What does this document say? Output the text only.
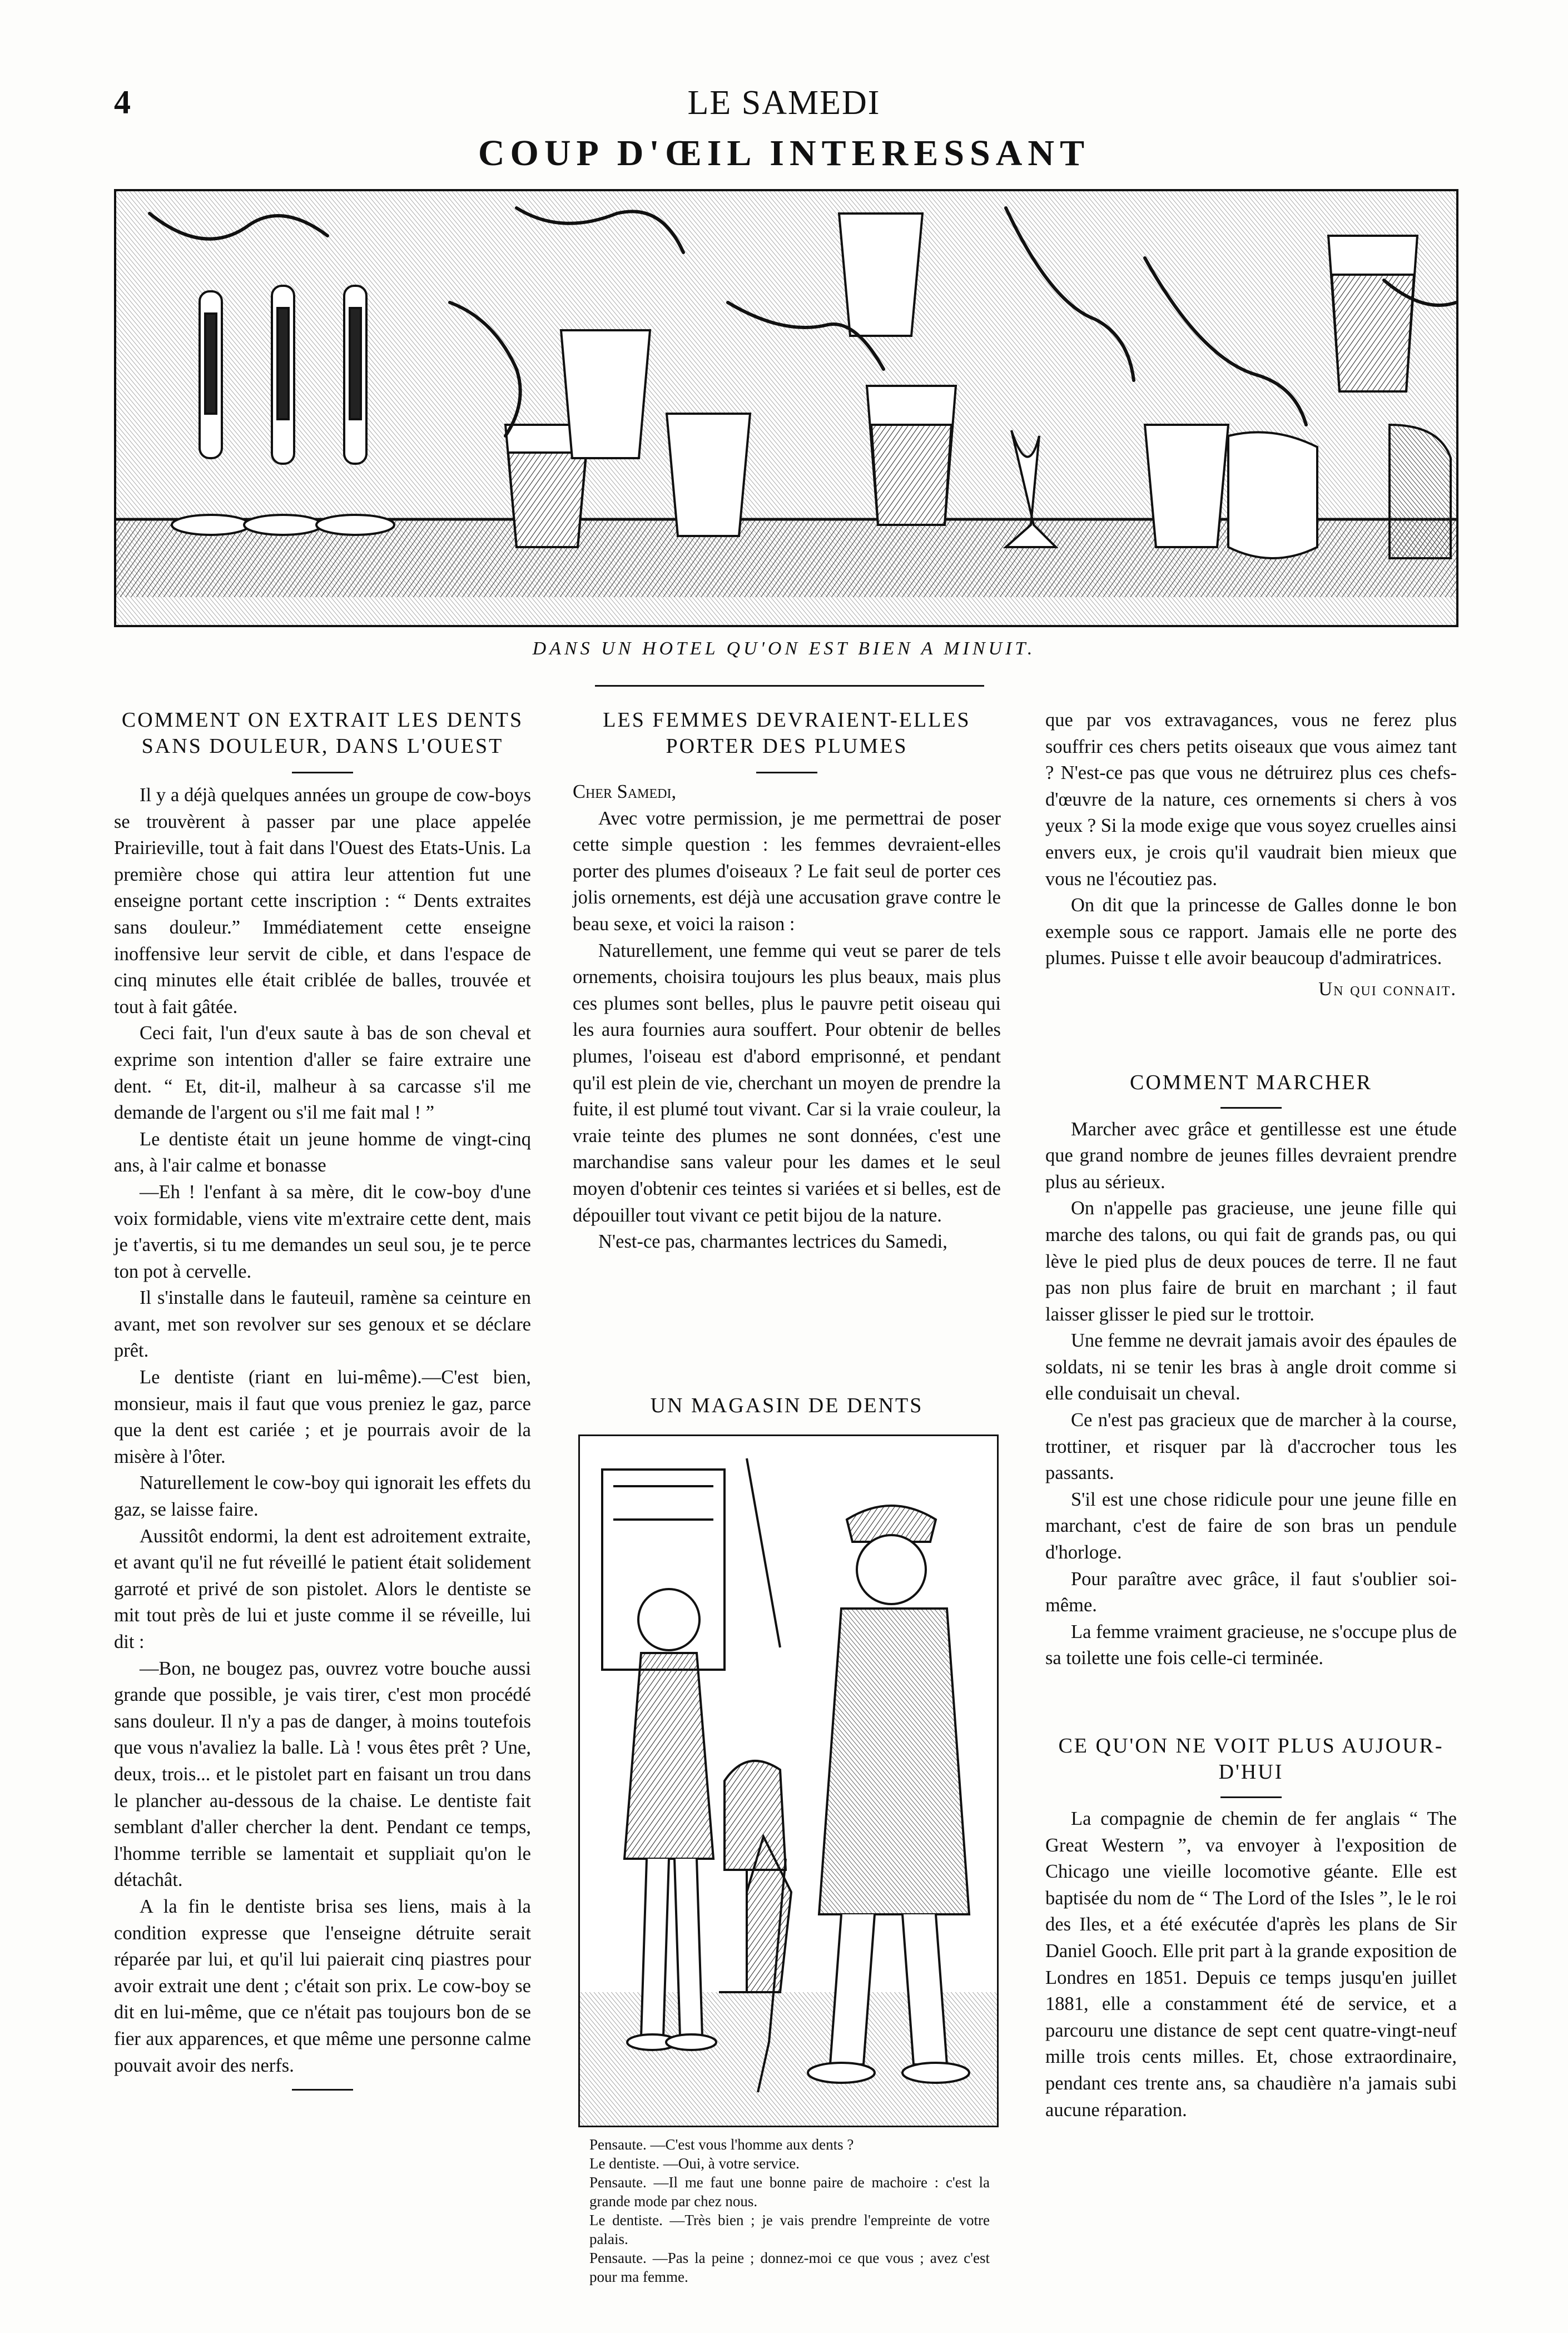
4	LE SAMEDI
COUP D'ŒIL INTERESSANT
DANS UN HOTEL QU'ON EST BIEN A MINUIT.
COMMENT ON EXTRAIT LES DENTS
SANS DOULEUR, DANS L'OUEST

Il y a déjà quelques années un groupe de cow-boys se trouvèrent à passer par une place appelée Prairieville, tout à fait dans l'Ouest des Etats-Unis. La première chose qui attira leur attention fut une enseigne portant cette inscription : “ Dents extraites sans douleur.” Immédiatement cette enseigne inoffensive leur servit de cible, et dans l'espace de cinq minutes elle était criblée de balles, trouvée et tout à fait gâtée.

Ceci fait, l'un d'eux saute à bas de son cheval et exprime son intention d'aller se faire extraire une dent. “ Et, dit-il, malheur à sa carcasse s'il me demande de l'argent ou s'il me fait mal ! ”

Le dentiste était un jeune homme de vingt-cinq ans, à l'air calme et bonasse

—Eh ! l'enfant à sa mère, dit le cow-boy d'une voix formidable, viens vite m'extraire cette dent, mais je t'avertis, si tu me demandes un seul sou, je te perce ton pot à cervelle.

Il s'installe dans le fauteuil, ramène sa ceinture en avant, met son revolver sur ses genoux et se déclare prêt.

Le dentiste (riant en lui-même).—C'est bien, monsieur, mais il faut que vous preniez le gaz, parce que la dent est cariée ; et je pourrais avoir de la misère à l'ôter.

Naturellement le cow-boy qui ignorait les effets du gaz, se laisse faire.

Aussitôt endormi, la dent est adroitement extraite, et avant qu'il ne fut réveillé le patient était solidement garroté et privé de son pistolet. Alors le dentiste se mit tout près de lui et juste comme il se réveille, lui dit :

—Bon, ne bougez pas, ouvrez votre bouche aussi grande que possible, je vais tirer, c'est mon procédé sans douleur. Il n'y a pas de danger, à moins toutefois que vous n'avaliez la balle. Là ! vous êtes prêt ? Une, deux, trois... et le pistolet part en faisant un trou dans le plancher au-dessous de la chaise. Le dentiste fait semblant d'aller chercher la dent. Pendant ce temps, l'homme terrible se lamentait et suppliait qu'on le détachât.

A la fin le dentiste brisa ses liens, mais à la condition expresse que l'enseigne détruite serait réparée par lui, et qu'il lui paierait cinq piastres pour avoir extrait une dent ; c'était son prix. Le cow-boy se dit en lui-même, que ce n'était pas toujours bon de se fier aux apparences, et que même une personne calme pouvait avoir des nerfs.

LES FEMMES DEVRAIENT-ELLES
PORTER DES PLUMES

Cher Samedi,

Avec votre permission, je me permettrai de poser cette simple question : les femmes devraient-elles porter des plumes d'oiseaux ? Le fait seul de porter ces jolis ornements, est déjà une accusation grave contre le beau sexe, et voici la raison :

Naturellement, une femme qui veut se parer de tels ornements, choisira toujours les plus beaux, mais plus ces plumes sont belles, plus le pauvre petit oiseau qui les aura fournies aura souffert. Pour obtenir de belles plumes, l'oiseau est d'abord emprisonné, et pendant qu'il est plein de vie, cherchant un moyen de prendre la fuite, il est plumé tout vivant. Car si la vraie couleur, la vraie teinte des plumes ne sont données, c'est une marchandise sans valeur pour les dames et le seul moyen d'obtenir ces teintes si variées et si belles, est de dépouiller tout vivant ce petit bijou de la nature.

N'est-ce pas, charmantes lectrices du Samedi,

UN MAGASIN DE DENTS

Pensaute. —C'est vous l'homme aux dents ?

Le dentiste. —Oui, à votre service.

Pensaute. —Il me faut une bonne paire de machoire : c'est la grande mode par chez nous.

Le dentiste. —Très bien ; je vais prendre l'empreinte de votre palais.

Pensaute. —Pas la peine ; donnez-moi ce que vous ; avez c'est pour ma femme.

que par vos extravagances, vous ne ferez plus souffrir ces chers petits oiseaux que vous aimez tant ? N'est-ce pas que vous ne détruirez plus ces chefs-d'œuvre de la nature, ces ornements si chers à vos yeux ? Si la mode exige que vous soyez cruelles ainsi envers eux, je crois qu'il vaudrait bien mieux que vous ne l'écoutiez pas.

On dit que la princesse de Galles donne le bon exemple sous ce rapport. Jamais elle ne porte des plumes. Puisse t elle avoir beaucoup d'admiratrices.

Un qui connait.

COMMENT MARCHER

Marcher avec grâce et gentillesse est une étude que grand nombre de jeunes filles devraient prendre plus au sérieux.

On n'appelle pas gracieuse, une jeune fille qui marche des talons, ou qui fait de grands pas, ou qui lève le pied plus de deux pouces de terre. Il ne faut pas non plus faire de bruit en marchant ; il faut laisser glisser le pied sur le trottoir.

Une femme ne devrait jamais avoir des épaules de soldats, ni se tenir les bras à angle droit comme si elle conduisait un cheval.

Ce n'est pas gracieux que de marcher à la course, trottiner, et risquer par là d'accrocher tous les passants.

S'il est une chose ridicule pour une jeune fille en marchant, c'est de faire de son bras un pendule d'horloge.

Pour paraître avec grâce, il faut s'oublier soi-même.

La femme vraiment gracieuse, ne s'occupe plus de sa toilette une fois celle-ci terminée.

CE QU'ON NE VOIT PLUS AUJOUR-
D'HUI

La compagnie de chemin de fer anglais “ The Great Western ”, va envoyer à l'exposition de Chicago une vieille locomotive géante. Elle est baptisée du nom de “ The Lord of the Isles ”, le le roi des Iles, et a été exécutée d'après les plans de Sir Daniel Gooch. Elle prit part à la grande exposition de Londres en 1851. Depuis ce temps jusqu'en juillet 1881, elle a constamment été de service, et a parcouru une distance de sept cent quatre-vingt-neuf mille trois cents milles. Et, chose extraordinaire, pendant ces trente ans, sa chaudière n'a jamais subi aucune réparation.
